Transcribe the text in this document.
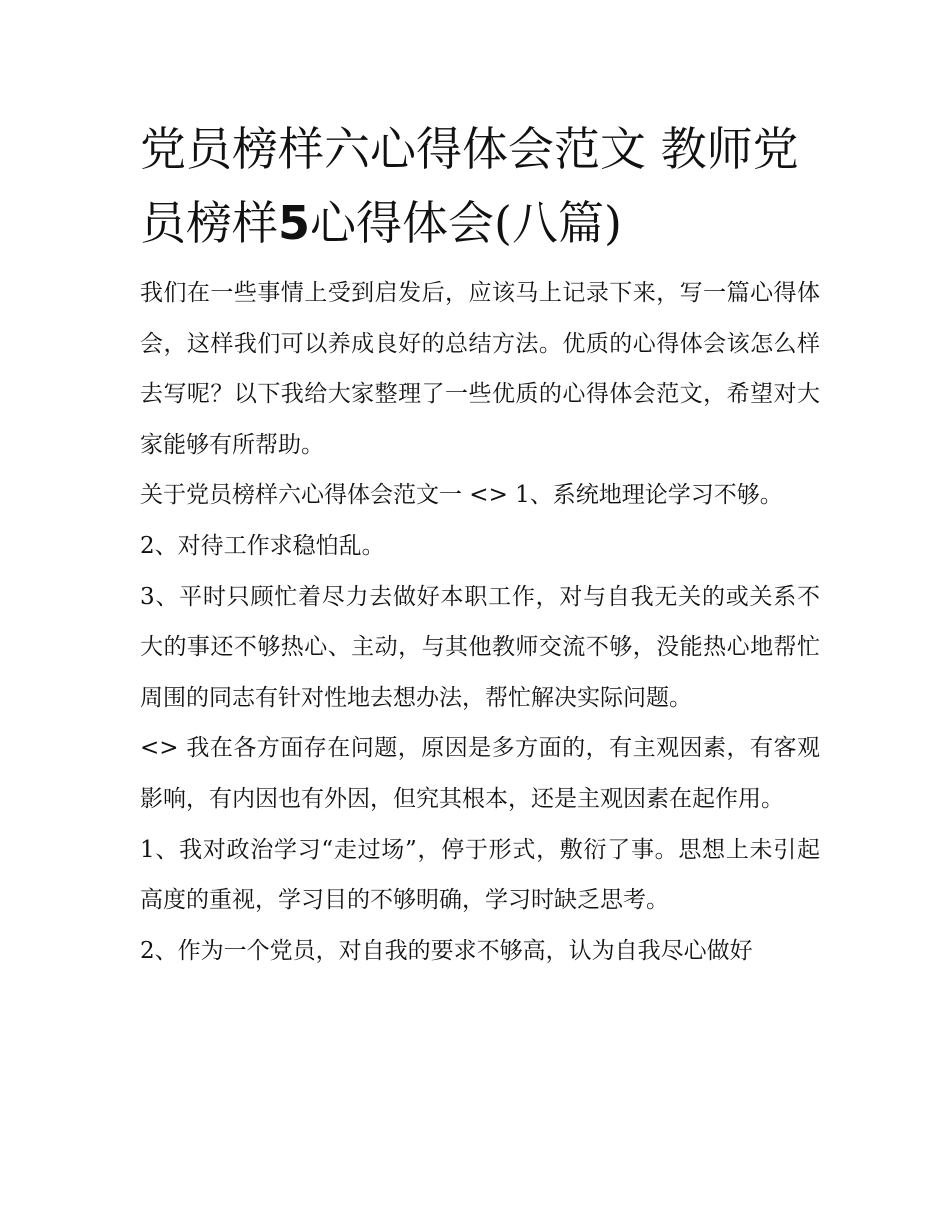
党员榜样六心得体会范文 教师党员榜样5心得体会(八篇)

我们在一些事情上受到启发后，应该马上记录下来，写一篇心得体会，这样我们可以养成良好的总结方法。优质的心得体会该怎么样去写呢？以下我给大家整理了一些优质的心得体会范文，希望对大家能够有所帮助。

关于党员榜样六心得体会范文一 <> 1、系统地理论学习不够。

2、对待工作求稳怕乱。

3、平时只顾忙着尽力去做好本职工作，对与自我无关的或关系不大的事还不够热心、主动，与其他教师交流不够，没能热心地帮忙周围的同志有针对性地去想办法，帮忙解决实际问题。

<> 我在各方面存在问题，原因是多方面的，有主观因素，有客观影响，有内因也有外因，但究其根本，还是主观因素在起作用。

1、我对政治学习“走过场”，停于形式，敷衍了事。思想上未引起高度的重视，学习目的不够明确，学习时缺乏思考。

2、作为一个党员，对自我的要求不够高，认为自我尽心做好
